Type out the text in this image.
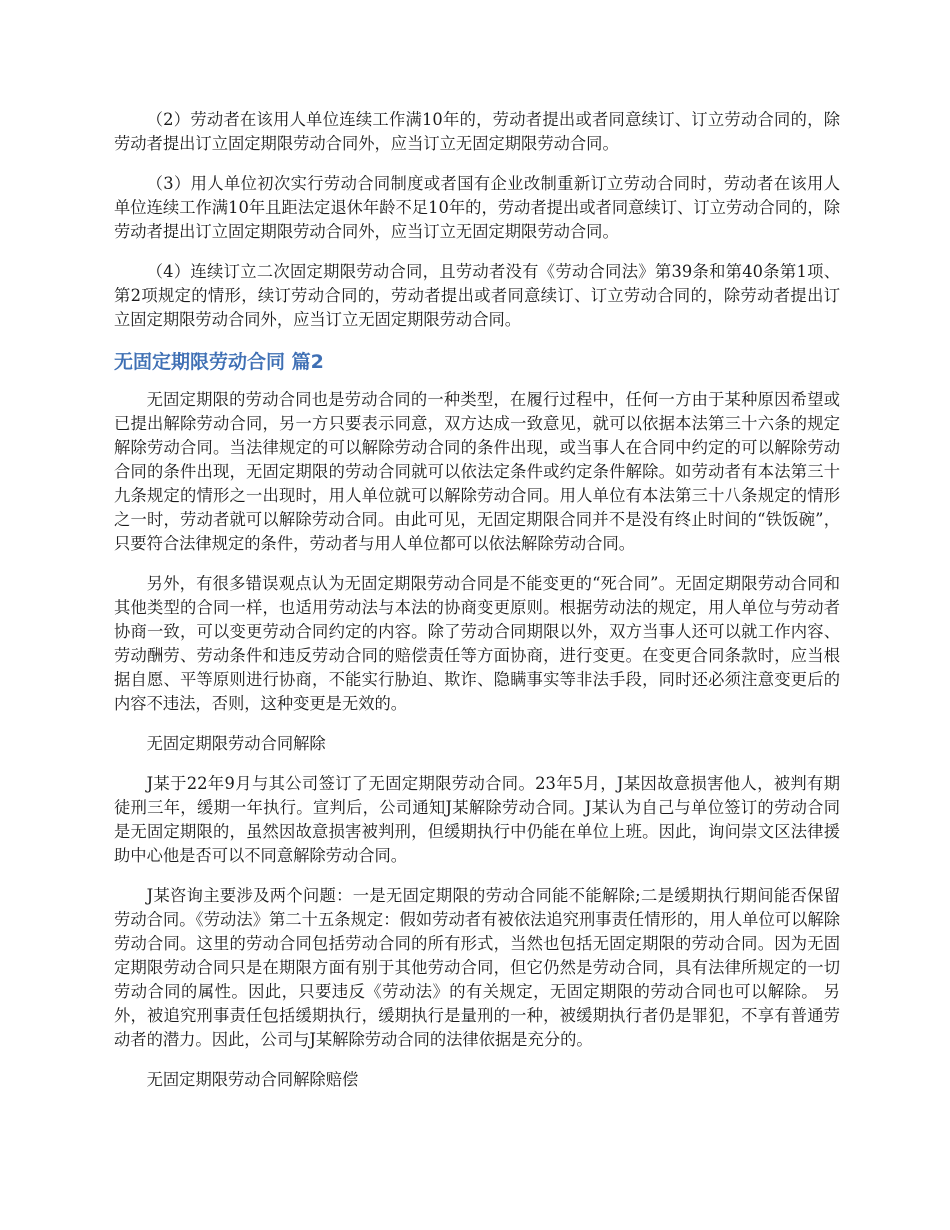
（2）劳动者在该用人单位连续工作满10年的，劳动者提出或者同意续订、订立劳动合同的，除劳动者提出订立固定期限劳动合同外，应当订立无固定期限劳动合同。

（3）用人单位初次实行劳动合同制度或者国有企业改制重新订立劳动合同时，劳动者在该用人单位连续工作满10年且距法定退休年龄不足10年的，劳动者提出或者同意续订、订立劳动合同的，除劳动者提出订立固定期限劳动合同外，应当订立无固定期限劳动合同。

（4）连续订立二次固定期限劳动合同，且劳动者没有《劳动合同法》第39条和第40条第1项、第2项规定的情形，续订劳动合同的，劳动者提出或者同意续订、订立劳动合同的，除劳动者提出订立固定期限劳动合同外，应当订立无固定期限劳动合同。

无固定期限劳动合同 篇2

无固定期限的劳动合同也是劳动合同的一种类型，在履行过程中，任何一方由于某种原因希望或已提出解除劳动合同，另一方只要表示同意，双方达成一致意见，就可以依据本法第三十六条的规定解除劳动合同。当法律规定的可以解除劳动合同的条件出现，或当事人在合同中约定的可以解除劳动合同的条件出现，无固定期限的劳动合同就可以依法定条件或约定条件解除。如劳动者有本法第三十九条规定的情形之一出现时，用人单位就可以解除劳动合同。用人单位有本法第三十八条规定的情形之一时，劳动者就可以解除劳动合同。由此可见，无固定期限合同并不是没有终止时间的“铁饭碗”，只要符合法律规定的条件，劳动者与用人单位都可以依法解除劳动合同。

另外，有很多错误观点认为无固定期限劳动合同是不能变更的“死合同”。无固定期限劳动合同和其他类型的合同一样，也适用劳动法与本法的协商变更原则。根据劳动法的规定，用人单位与劳动者协商一致，可以变更劳动合同约定的内容。除了劳动合同期限以外，双方当事人还可以就工作内容、劳动酬劳、劳动条件和违反劳动合同的赔偿责任等方面协商，进行变更。在变更合同条款时，应当根据自愿、平等原则进行协商，不能实行胁迫、欺诈、隐瞒事实等非法手段，同时还必须注意变更后的内容不违法，否则，这种变更是无效的。

无固定期限劳动合同解除

J某于22年9月与其公司签订了无固定期限劳动合同。23年5月，J某因故意损害他人，被判有期徒刑三年，缓期一年执行。宣判后，公司通知J某解除劳动合同。J某认为自己与单位签订的劳动合同是无固定期限的，虽然因故意损害被判刑，但缓期执行中仍能在单位上班。因此，询问崇文区法律援助中心他是否可以不同意解除劳动合同。

J某咨询主要涉及两个问题：一是无固定期限的劳动合同能不能解除;二是缓期执行期间能否保留劳动合同。《劳动法》第二十五条规定：假如劳动者有被依法追究刑事责任情形的，用人单位可以解除劳动合同。这里的劳动合同包括劳动合同的所有形式，当然也包括无固定期限的劳动合同。因为无固定期限劳动合同只是在期限方面有别于其他劳动合同，但它仍然是劳动合同，具有法律所规定的一切劳动合同的属性。因此，只要违反《劳动法》的有关规定，无固定期限的劳动合同也可以解除。 另外，被追究刑事责任包括缓期执行，缓期执行是量刑的一种，被缓期执行者仍是罪犯，不享有普通劳动者的潜力。因此，公司与J某解除劳动合同的法律依据是充分的。

无固定期限劳动合同解除赔偿
